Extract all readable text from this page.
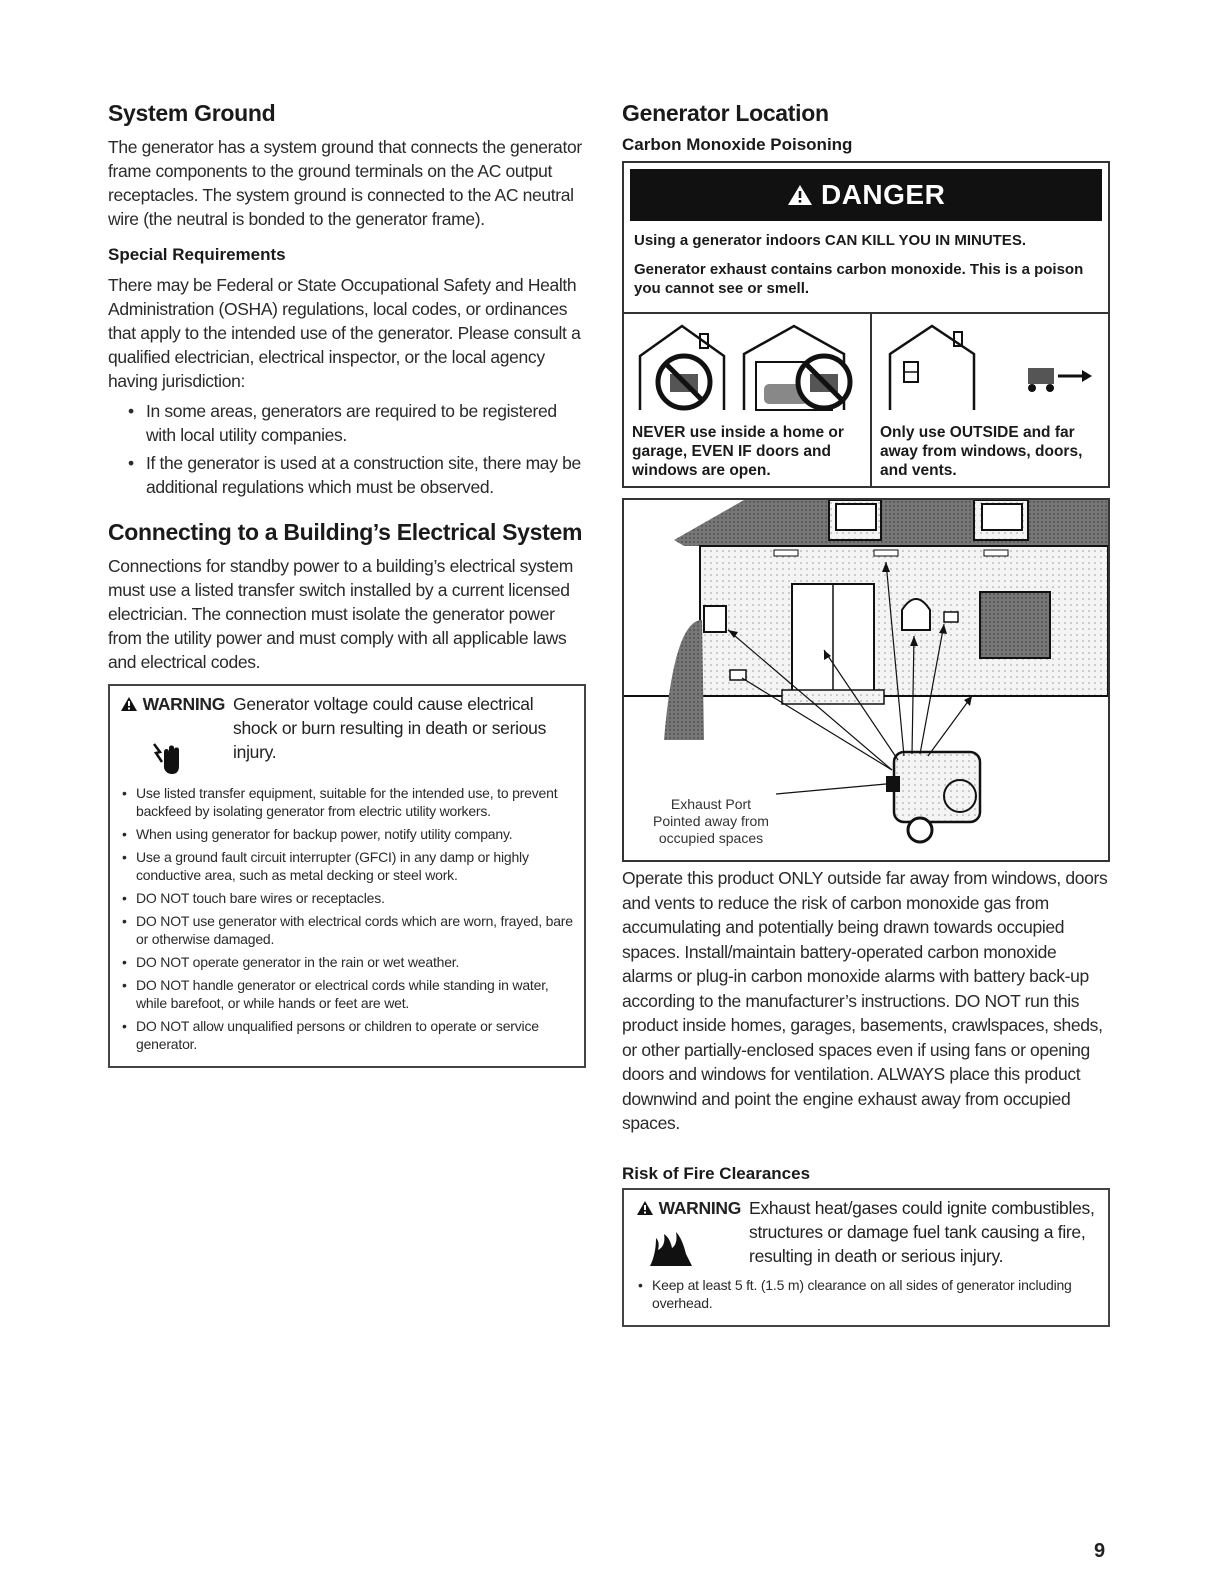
System Ground

The generator has a system ground that connects the generator frame components to the ground terminals on the AC output receptacles. The system ground is connected to the AC neutral wire (the neutral is bonded to the generator frame).

Special Requirements

There may be Federal or State Occupational Safety and Health Administration (OSHA) regulations, local codes, or ordinances that apply to the intended use of the generator. Please consult a qualified electrician, electrical inspector, or the local agency having jurisdiction:

• In some areas, generators are required to be registered with local utility companies.
• If the generator is used at a construction site, there may be additional regulations which must be observed.
Connecting to a Building’s Electrical System

Connections for standby power to a building’s electrical system must use a listed transfer switch installed by a current licensed electrician. The connection must isolate the generator power from the utility power and must comply with all applicable laws and electrical codes.

WARNING Generator voltage could cause electrical shock or burn resulting in death or serious injury.
• Use listed transfer equipment, suitable for the intended use, to prevent backfeed by isolating generator from electric utility workers.
• When using generator for backup power, notify utility company.
• Use a ground fault circuit interrupter (GFCI) in any damp or highly conductive area, such as metal decking or steel work.
• DO NOT touch bare wires or receptacles.
• DO NOT use generator with electrical cords which are worn, frayed, bare or otherwise damaged.
• DO NOT operate generator in the rain or wet weather.
• DO NOT handle generator or electrical cords while standing in water, while barefoot, or while hands or feet are wet.
• DO NOT allow unqualified persons or children to operate or service generator.
Generator Location
Carbon Monoxide Poisoning
DANGER

Using a generator indoors CAN KILL YOU IN MINUTES.

Generator exhaust contains carbon monoxide. This is a poison you cannot see or smell.

NEVER use inside a home or garage, EVEN IF doors and windows are open.
Only use OUTSIDE and far away from windows, doors, and vents.
Exhaust Port Pointed away from occupied spaces

Operate this product ONLY outside far away from windows, doors and vents to reduce the risk of carbon monoxide gas from accumulating and potentially being drawn towards occupied spaces. Install/maintain battery-operated carbon monoxide alarms or plug-in carbon monoxide alarms with battery back-up according to the manufacturer’s instructions. DO NOT run this product inside homes, garages, basements, crawlspaces, sheds, or other partially-enclosed spaces even if using fans or opening doors and windows for ventilation. ALWAYS place this product downwind and point the engine exhaust away from occupied spaces.

Risk of Fire Clearances
WARNING Exhaust heat/gases could ignite combustibles, structures or damage fuel tank causing a fire, resulting in death or serious injury.
• Keep at least 5 ft. (1.5 m) clearance on all sides of generator including overhead.
9
